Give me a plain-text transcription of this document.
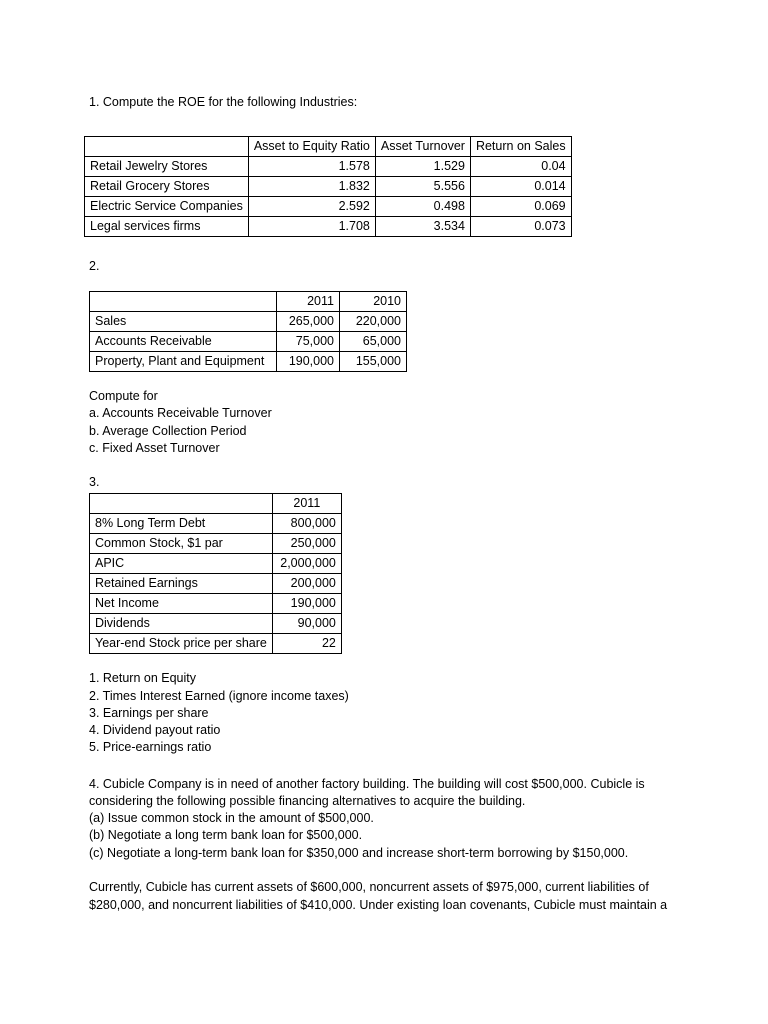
1. Compute the ROE for the following Industries:
	Asset to Equity Ratio	Asset Turnover	Return on Sales
Retail Jewelry Stores	1.578	1.529	0.04
Retail Grocery Stores	1.832	5.556	0.014
Electric Service Companies	2.592	0.498	0.069
Legal services firms	1.708	3.534	0.073
2.
	2011	2010
Sales	265,000	220,000
Accounts Receivable	75,000	65,000
Property, Plant and Equipment	190,000	155,000
Compute for
a. Accounts Receivable Turnover
b. Average Collection Period
c. Fixed Asset Turnover
3.
	2011
8% Long Term Debt	800,000
Common Stock, $1 par	250,000
APIC	2,000,000
Retained Earnings	200,000
Net Income	190,000
Dividends	90,000
Year-end Stock price per share	22
1. Return on Equity
2. Times Interest Earned (ignore income taxes)
3. Earnings per share
4. Dividend payout ratio
5. Price-earnings ratio
4. Cubicle Company is in need of another factory building. The building will cost $500,000. Cubicle is
considering the following possible financing alternatives to acquire the building.
(a) Issue common stock in the amount of $500,000.
(b) Negotiate a long term bank loan for $500,000.
(c) Negotiate a long-term bank loan for $350,000 and increase short-term borrowing by $150,000.
Currently, Cubicle has current assets of $600,000, noncurrent assets of $975,000, current liabilities of
$280,000, and noncurrent liabilities of $410,000. Under existing loan covenants, Cubicle must maintain a
